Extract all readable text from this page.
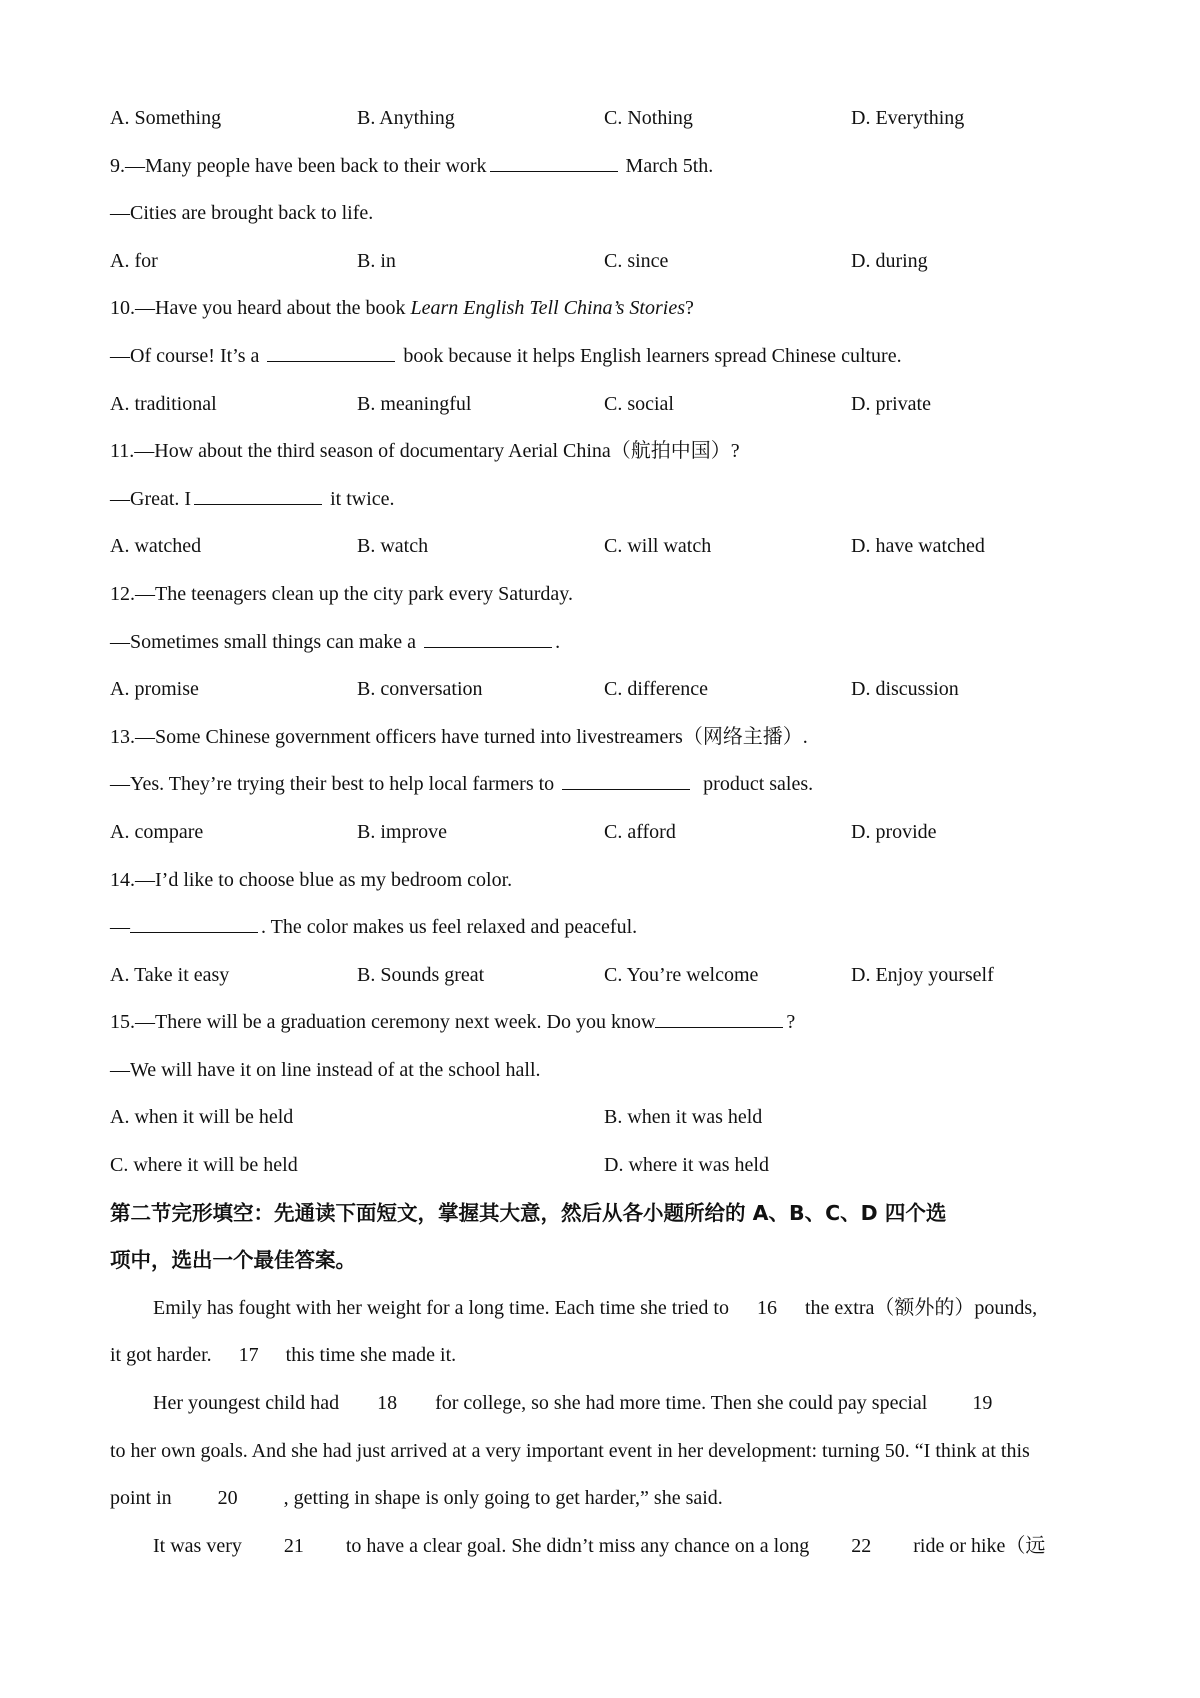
A. Something	B. Anything	C. Nothing	D. Everything
9.—Many people have been back to their work	March 5th.
—Cities are brought back to life.
A. for	B. in	C. since	D. during
10.—Have you heard about the book Learn English Tell China’s Stories?
—Of course! It’s a	book because it helps English learners spread Chinese culture.
A. traditional	B. meaningful	C. social	D. private
11.—How about the third season of documentary Aerial China（航拍中国）?
—Great. I	it twice.
A. watched	B. watch	C. will watch	D. have watched
12.—The teenagers clean up the city park every Saturday.
—Sometimes small things can make a	.
A. promise	B. conversation	C. difference	D. discussion
13.—Some Chinese government officers have turned into livestreamers（网络主播）.
—Yes. They’re trying their best to help local farmers to	product sales.
A. compare	B. improve	C. afford	D. provide
14.—I’d like to choose blue as my bedroom color.
—	. The color makes us feel relaxed and peaceful.
A. Take it easy	B. Sounds great	C. You’re welcome	D. Enjoy yourself
15.—There will be a graduation ceremony next week. Do you know	?
—We will have it on line instead of at the school hall.
A. when it will be held	B. when it was held
C. where it will be held	D. where it was held
第二节完形填空：先通读下面短文，掌握其大意，然后从各小题所给的 A、B、C、D 四个选
项中，选出一个最佳答案。
Emily has fought with her weight for a long time. Each time she tried to 16 the extra（额外的）pounds,
it got harder. 17 this time she made it.
Her youngest child had 18 for college, so she had more time. Then she could pay special 19
to her own goals. And she had just arrived at a very important event in her development: turning 50. “I think at this
point in 20 , getting in shape is only going to get harder,” she said.
It was very 21 to have a clear goal. She didn’t miss any chance on a long 22 ride or hike（远
